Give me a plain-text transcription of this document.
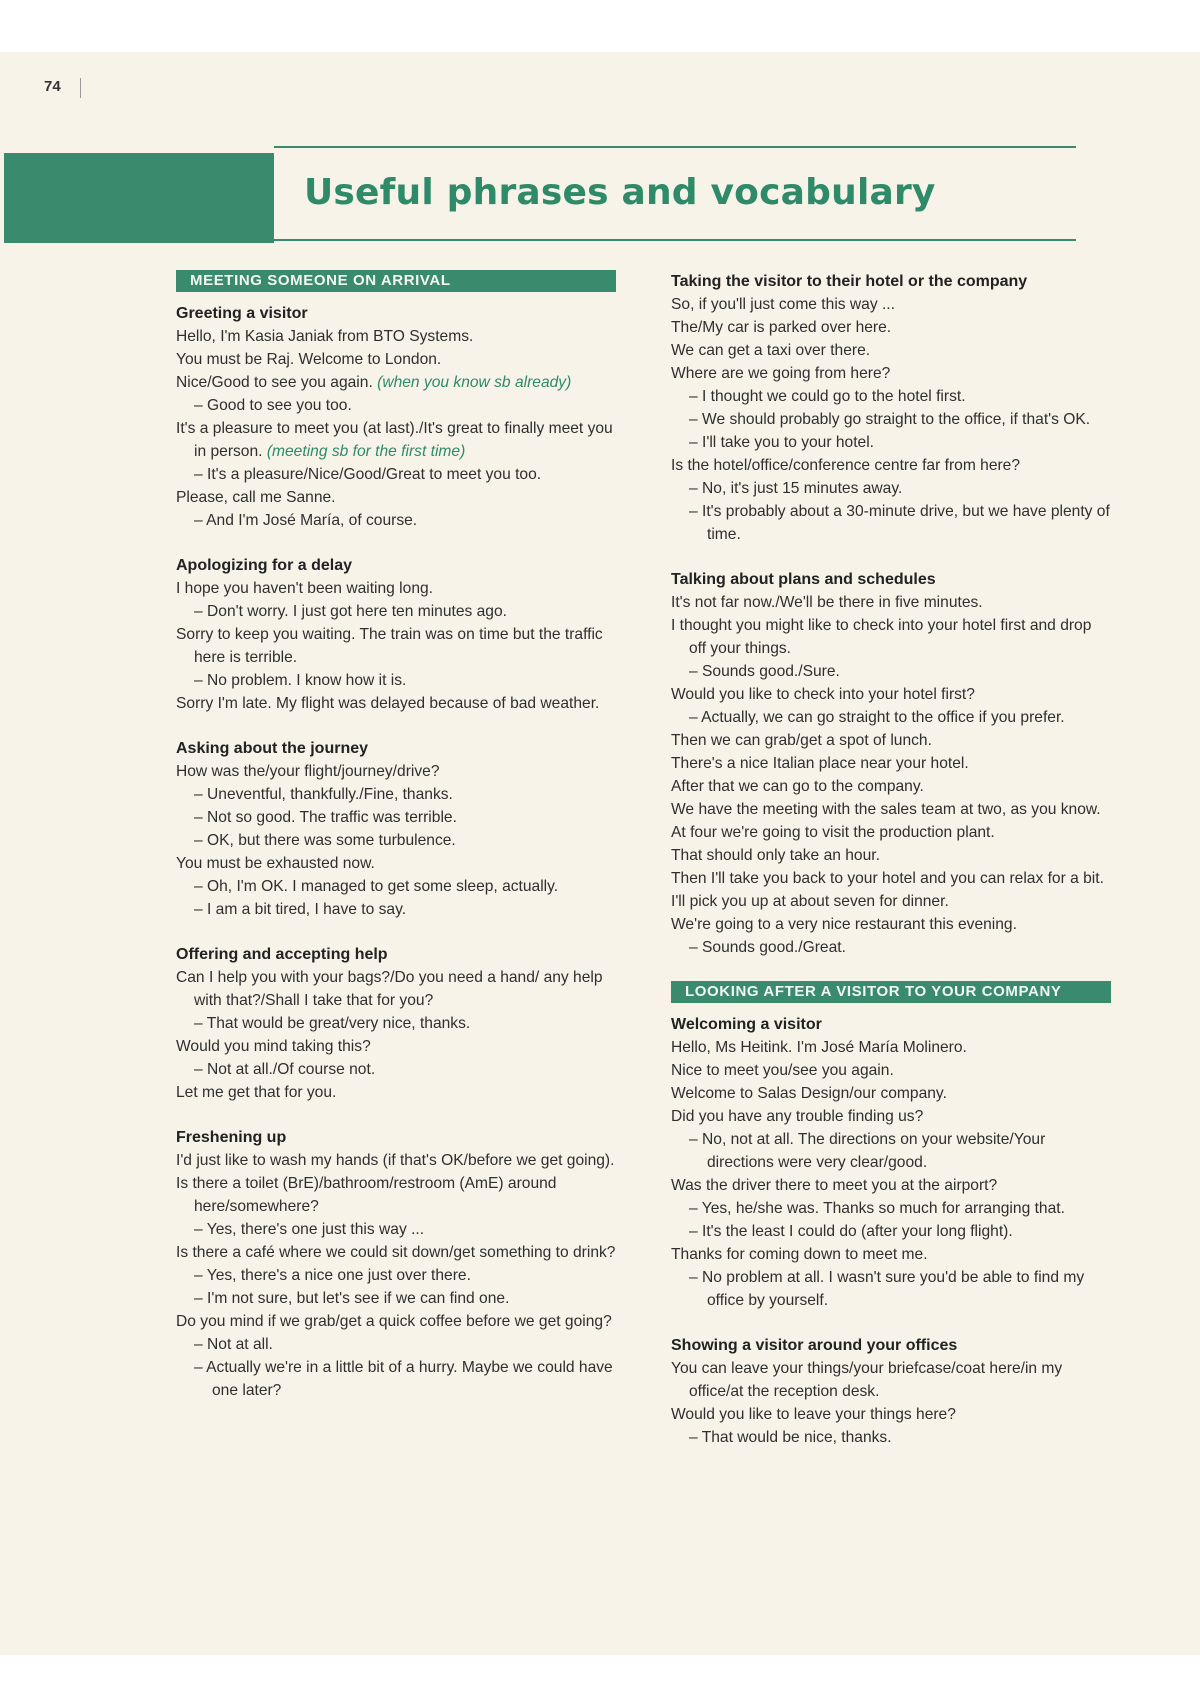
74
Useful phrases and vocabulary
MEETING SOMEONE ON ARRIVAL
Greeting a visitor

Hello, I'm Kasia Janiak from BTO Systems.

You must be Raj. Welcome to London.

Nice/Good to see you again. (when you know sb already)

– Good to see you too.

It's a pleasure to meet you (at last)./It's great to finally meet you in person. (meeting sb for the first time)

– It's a pleasure/Nice/Good/Great to meet you too.

Please, call me Sanne.

– And I'm José María, of course.

Apologizing for a delay

I hope you haven't been waiting long.

– Don't worry. I just got here ten minutes ago.

Sorry to keep you waiting. The train was on time but the traffic here is terrible.

– No problem. I know how it is.

Sorry I'm late. My flight was delayed because of bad weather.

Asking about the journey

How was the/your flight/journey/drive?

– Uneventful, thankfully./Fine, thanks.

– Not so good. The traffic was terrible.

– OK, but there was some turbulence.

You must be exhausted now.

– Oh, I'm OK. I managed to get some sleep, actually.

– I am a bit tired, I have to say.

Offering and accepting help

Can I help you with your bags?/Do you need a hand/ any help with that?/Shall I take that for you?

– That would be great/very nice, thanks.

Would you mind taking this?

– Not at all./Of course not.

Let me get that for you.

Freshening up

I'd just like to wash my hands (if that's OK/before we get going).

Is there a toilet (BrE)/bathroom/restroom (AmE) around here/somewhere?

– Yes, there's one just this way ...

Is there a café where we could sit down/get something to drink?

– Yes, there's a nice one just over there.

– I'm not sure, but let's see if we can find one.

Do you mind if we grab/get a quick coffee before we get going?

– Not at all.

– Actually we're in a little bit of a hurry. Maybe we could have one later?

Taking the visitor to their hotel or the company

So, if you'll just come this way ...

The/My car is parked over here.

We can get a taxi over there.

Where are we going from here?

– I thought we could go to the hotel first.

– We should probably go straight to the office, if that's OK.

– I'll take you to your hotel.

Is the hotel/office/conference centre far from here?

– No, it's just 15 minutes away.

– It's probably about a 30-minute drive, but we have plenty of time.

Talking about plans and schedules

It's not far now./We'll be there in five minutes.

I thought you might like to check into your hotel first and drop off your things.

– Sounds good./Sure.

Would you like to check into your hotel first?

– Actually, we can go straight to the office if you prefer.

Then we can grab/get a spot of lunch.

There's a nice Italian place near your hotel.

After that we can go to the company.

We have the meeting with the sales team at two, as you know.

At four we're going to visit the production plant.

That should only take an hour.

Then I'll take you back to your hotel and you can relax for a bit.

I'll pick you up at about seven for dinner.

We're going to a very nice restaurant this evening.

– Sounds good./Great.

LOOKING AFTER A VISITOR TO YOUR COMPANY
Welcoming a visitor

Hello, Ms Heitink. I'm José María Molinero.

Nice to meet you/see you again.

Welcome to Salas Design/our company.

Did you have any trouble finding us?

– No, not at all. The directions on your website/Your directions were very clear/good.

Was the driver there to meet you at the airport?

– Yes, he/she was. Thanks so much for arranging that.

– It's the least I could do (after your long flight).

Thanks for coming down to meet me.

– No problem at all. I wasn't sure you'd be able to find my office by yourself.

Showing a visitor around your offices

You can leave your things/your briefcase/coat here/in my office/at the reception desk.

Would you like to leave your things here?

– That would be nice, thanks.
